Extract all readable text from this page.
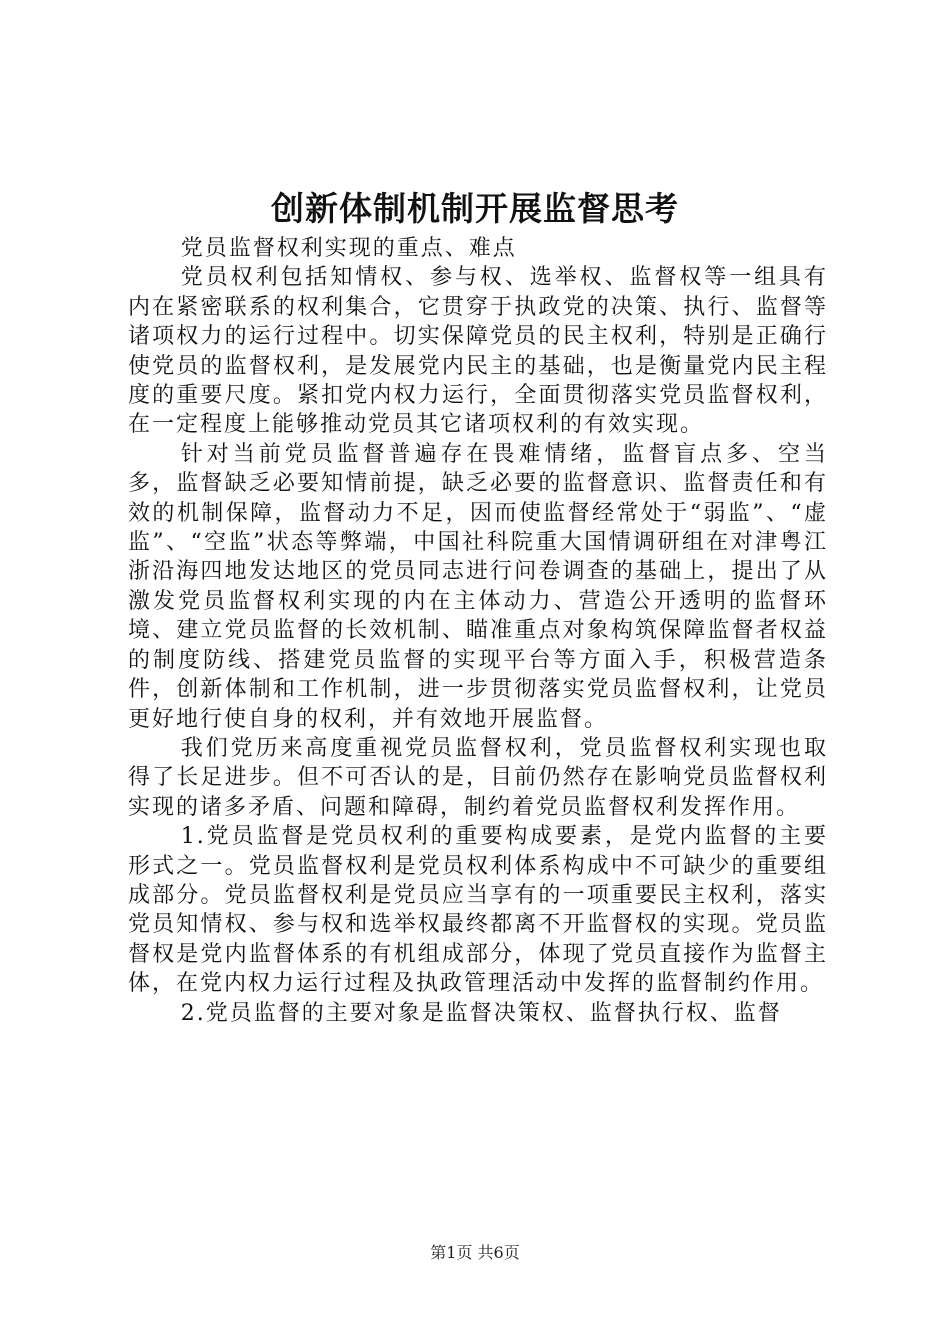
创新体制机制开展监督思考

党员监督权利实现的重点、难点

党员权利包括知情权、参与权、选举权、监督权等一组具有内在紧密联系的权利集合，它贯穿于执政党的决策、执行、监督等诸项权力的运行过程中。切实保障党员的民主权利，特别是正确行使党员的监督权利，是发展党内民主的基础，也是衡量党内民主程度的重要尺度。紧扣党内权力运行，全面贯彻落实党员监督权利，在一定程度上能够推动党员其它诸项权利的有效实现。

针对当前党员监督普遍存在畏难情绪，监督盲点多、空当多，监督缺乏必要知情前提，缺乏必要的监督意识、监督责任和有效的机制保障，监督动力不足，因而使监督经常处于“弱监”、“虚监”、“空监”状态等弊端，中国社科院重大国情调研组在对津粤江浙沿海四地发达地区的党员同志进行问卷调查的基础上，提出了从激发党员监督权利实现的内在主体动力、营造公开透明的监督环境、建立党员监督的长效机制、瞄准重点对象构筑保障监督者权益的制度防线、搭建党员监督的实现平台等方面入手，积极营造条件，创新体制和工作机制，进一步贯彻落实党员监督权利，让党员更好地行使自身的权利，并有效地开展监督。

我们党历来高度重视党员监督权利，党员监督权利实现也取得了长足进步。但不可否认的是，目前仍然存在影响党员监督权利实现的诸多矛盾、问题和障碍，制约着党员监督权利发挥作用。

1.党员监督是党员权利的重要构成要素，是党内监督的主要形式之一。党员监督权利是党员权利体系构成中不可缺少的重要组成部分。党员监督权利是党员应当享有的一项重要民主权利，落实党员知情权、参与权和选举权最终都离不开监督权的实现。党员监督权是党内监督体系的有机组成部分，体现了党员直接作为监督主体，在党内权力运行过程及执政管理活动中发挥的监督制约作用。

2.党员监督的主要对象是监督决策权、监督执行权、监督

第1页 共6页
